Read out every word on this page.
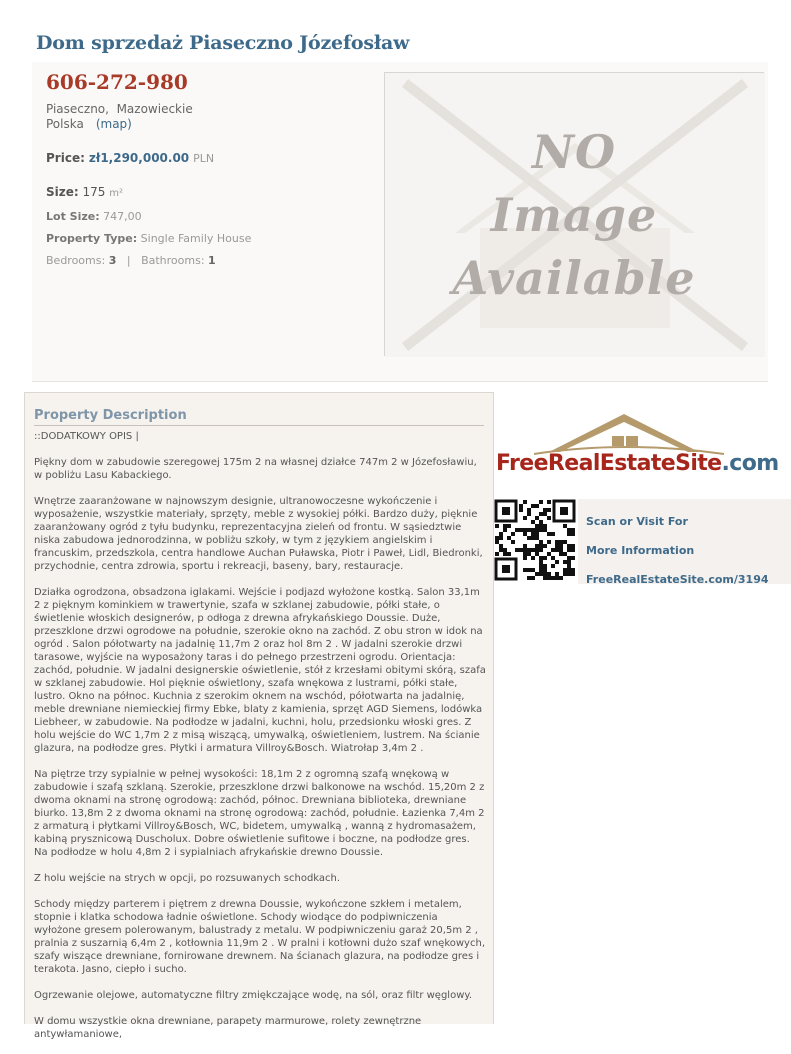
Dom sprzedaż Piaseczno Józefosław
606-272-980
Piaseczno,  Mazowieckie
Polska (map)
Price: zł1,290,000.00 PLN
Size: 175 m²
Lot Size: 747,00
Property Type: Single Family House
Bedrooms: 3 | Bathrooms: 1
NO
Image
Available
Property Description

::DODATKOWY OPIS |

Piękny dom w zabudowie szeregowej 175m 2 na własnej działce 747m 2 w Józefosławiu, w pobliżu Lasu Kabackiego.

Wnętrze zaaranżowane w najnowszym designie, ultranowoczesne wykończenie i wyposażenie, wszystkie materiały, sprzęty, meble z wysokiej półki. Bardzo duży, pięknie zaaranżowany ogród z tyłu budynku, reprezentacyjna zieleń od frontu. W sąsiedztwie niska zabudowa jednorodzinna, w pobliżu szkoły, w tym z językiem angielskim i francuskim, przedszkola, centra handlowe Auchan Puławska, Piotr i Paweł, Lidl, Biedronki, przychodnie, centra zdrowia, sportu i rekreacji, baseny, bary, restauracje.

Działka ogrodzona, obsadzona iglakami. Wejście i podjazd wyłożone kostką. Salon 33,1m 2 z pięknym kominkiem w trawertynie, szafa w szklanej zabudowie, półki stałe, o świetlenie włoskich designerów, p odłoga z drewna afrykańskiego Doussie. Duże, przeszklone drzwi ogrodowe na południe, szerokie okno na zachód. Z obu stron w idok na ogród . Salon półotwarty na jadalnię 11,7m 2 oraz hol 8m 2 . W jadalni szerokie drzwi tarasowe, wyjście na wyposażony taras i do pełnego przestrzeni ogrodu. Orientacja: zachód, południe. W jadalni designerskie oświetlenie, stół z krzesłami obitymi skórą, szafa w szklanej zabudowie. Hol pięknie oświetlony, szafa wnękowa z lustrami, półki stałe, lustro. Okno na północ. Kuchnia z szerokim oknem na wschód, półotwarta na jadalnię, meble drewniane niemieckiej firmy Ebke, blaty z kamienia, sprzęt AGD Siemens, lodówka Liebheer, w zabudowie. Na podłodze w jadalni, kuchni, holu, przedsionku włoski gres. Z holu wejście do WC 1,7m 2 z misą wiszącą, umywalką, oświetleniem, lustrem. Na ścianie glazura, na podłodze gres. Płytki i armatura Villroy&Bosch. Wiatrołap 3,4m 2 .

Na piętrze trzy sypialnie w pełnej wysokości: 18,1m 2 z ogromną szafą wnękową w zabudowie i szafą szklaną. Szerokie, przeszklone drzwi balkonowe na wschód. 15,20m 2 z dwoma oknami na stronę ogrodową: zachód, północ. Drewniana biblioteka, drewniane biurko. 13,8m 2 z dwoma oknami na stronę ogrodową: zachód, południe. Łazienka 7,4m 2 z armaturą i płytkami Villroy&Bosch, WC, bidetem, umywalką , wanną z hydromasażem, kabiną prysznicową Duscholux. Dobre oświetlenie sufitowe i boczne, na podłodze gres. Na podłodze w holu 4,8m 2 i sypialniach afrykańskie drewno Doussie.

Z holu wejście na strych w opcji, po rozsuwanych schodkach.

Schody między parterem i piętrem z drewna Doussie, wykończone szkłem i metalem, stopnie i klatka schodowa ładnie oświetlone. Schody wiodące do podpiwniczenia wyłożone gresem polerowanym, balustrady z metalu. W podpiwniczeniu garaż 20,5m 2 , pralnia z suszarnią 6,4m 2 , kotłownia 11,9m 2 . W pralni i kotłowni dużo szaf wnękowych, szafy wiszące drewniane, fornirowane drewnem. Na ścianach glazura, na podłodze gres i terakota. Jasno, ciepło i sucho.

Ogrzewanie olejowe, automatyczne filtry zmiękczające wodę, na sól, oraz filtr węglowy.

W domu wszystkie okna drewniane, parapety marmurowe, rolety zewnętrzne antywłamaniowe,

FreeRealEstateSite.com
Scan or Visit For
More Information
FreeRealEstateSite.com/3194
